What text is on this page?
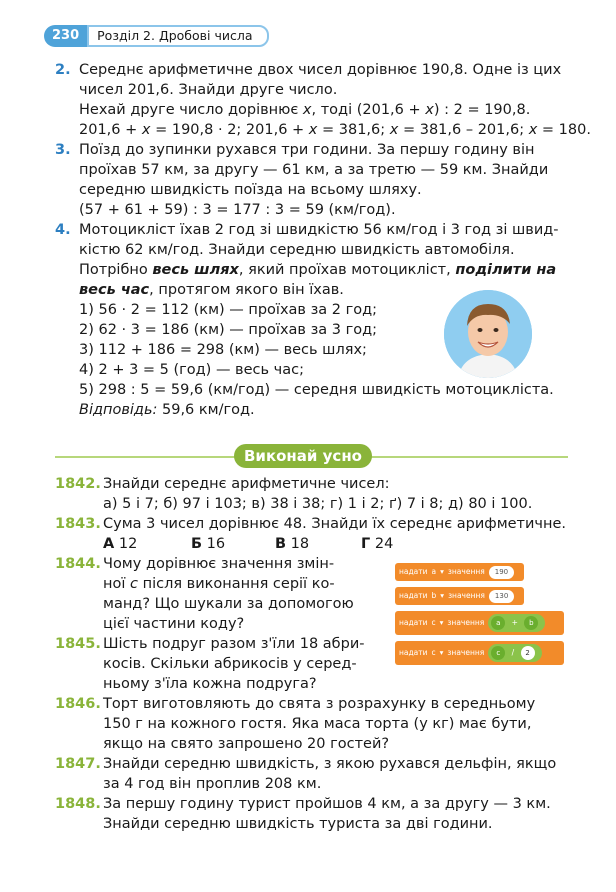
230	Розділ 2. Дробові числа
2. Середнє арифметичне двох чисел дорівнює 190,8. Одне із цих
чисел 201,6. Знайди друге число.
Нехай друге число дорівнює x, тоді (201,6 + x) : 2 = 190,8.
201,6 + x = 190,8 · 2; 201,6 + x = 381,6; x = 381,6 – 201,6; x = 180.
3. Поїзд до зупинки рухався три години. За першу годину він
проїхав 57 км, за другу — 61 км, а за третю — 59 км. Знайди
середню швидкість поїзда на всьому шляху.
(57 + 61 + 59) : 3 = 177 : 3 = 59 (км/год).
4. Мотоцикліст їхав 2 год зі швидкістю 56 км/год і 3 год зі швид-
кістю 62 км/год. Знайди середню швидкість автомобіля.
Потрібно весь шлях, який проїхав мотоцикліст, поділити на
весь час, протягом якого він їхав.
1) 56 · 2 = 112 (км) — проїхав за 2 год;
2) 62 · 3 = 186 (км) — проїхав за 3 год;
3) 112 + 186 = 298 (км) — весь шлях;
4) 2 + 3 = 5 (год) — весь час;
5) 298 : 5 = 59,6 (км/год) — середня швидкість мотоцикліста.
Відповідь: 59,6 км/год.
Виконай усно
1842. Знайди середнє арифметичне чисел:
а) 5 і 7; б) 97 і 103; в) 38 і 38; г) 1 і 2; ґ) 7 і 8; д) 80 і 100.
1843. Сума 3 чисел дорівнює 48. Знайди їх середнє арифметичне.
А 12	Б 16	В 18	Г 24
1844. Чому дорівнює значення змін-
ної c після виконання серії ко-
манд? Що шукали за допомогою
цієї частини коду?
1845. Шість подруг разом з'їли 18 абри-
косів. Скільки абрикосів у серед-
ньому з'їла кожна подруга?
надати a ▾ значення 190
надати b ▾ значення 130
надати c ▾ значення a + b
надати c ▾ значення c / 2
1846. Торт виготовляють до свята з розрахунку в середньому
150 г на кожного гостя. Яка маса торта (у кг) має бути,
якщо на свято запрошено 20 гостей?
1847. Знайди середню швидкість, з якою рухався дельфін, якщо
за 4 год він проплив 208 км.
1848. За першу годину турист пройшов 4 км, а за другу — 3 км.
Знайди середню швидкість туриста за дві години.
